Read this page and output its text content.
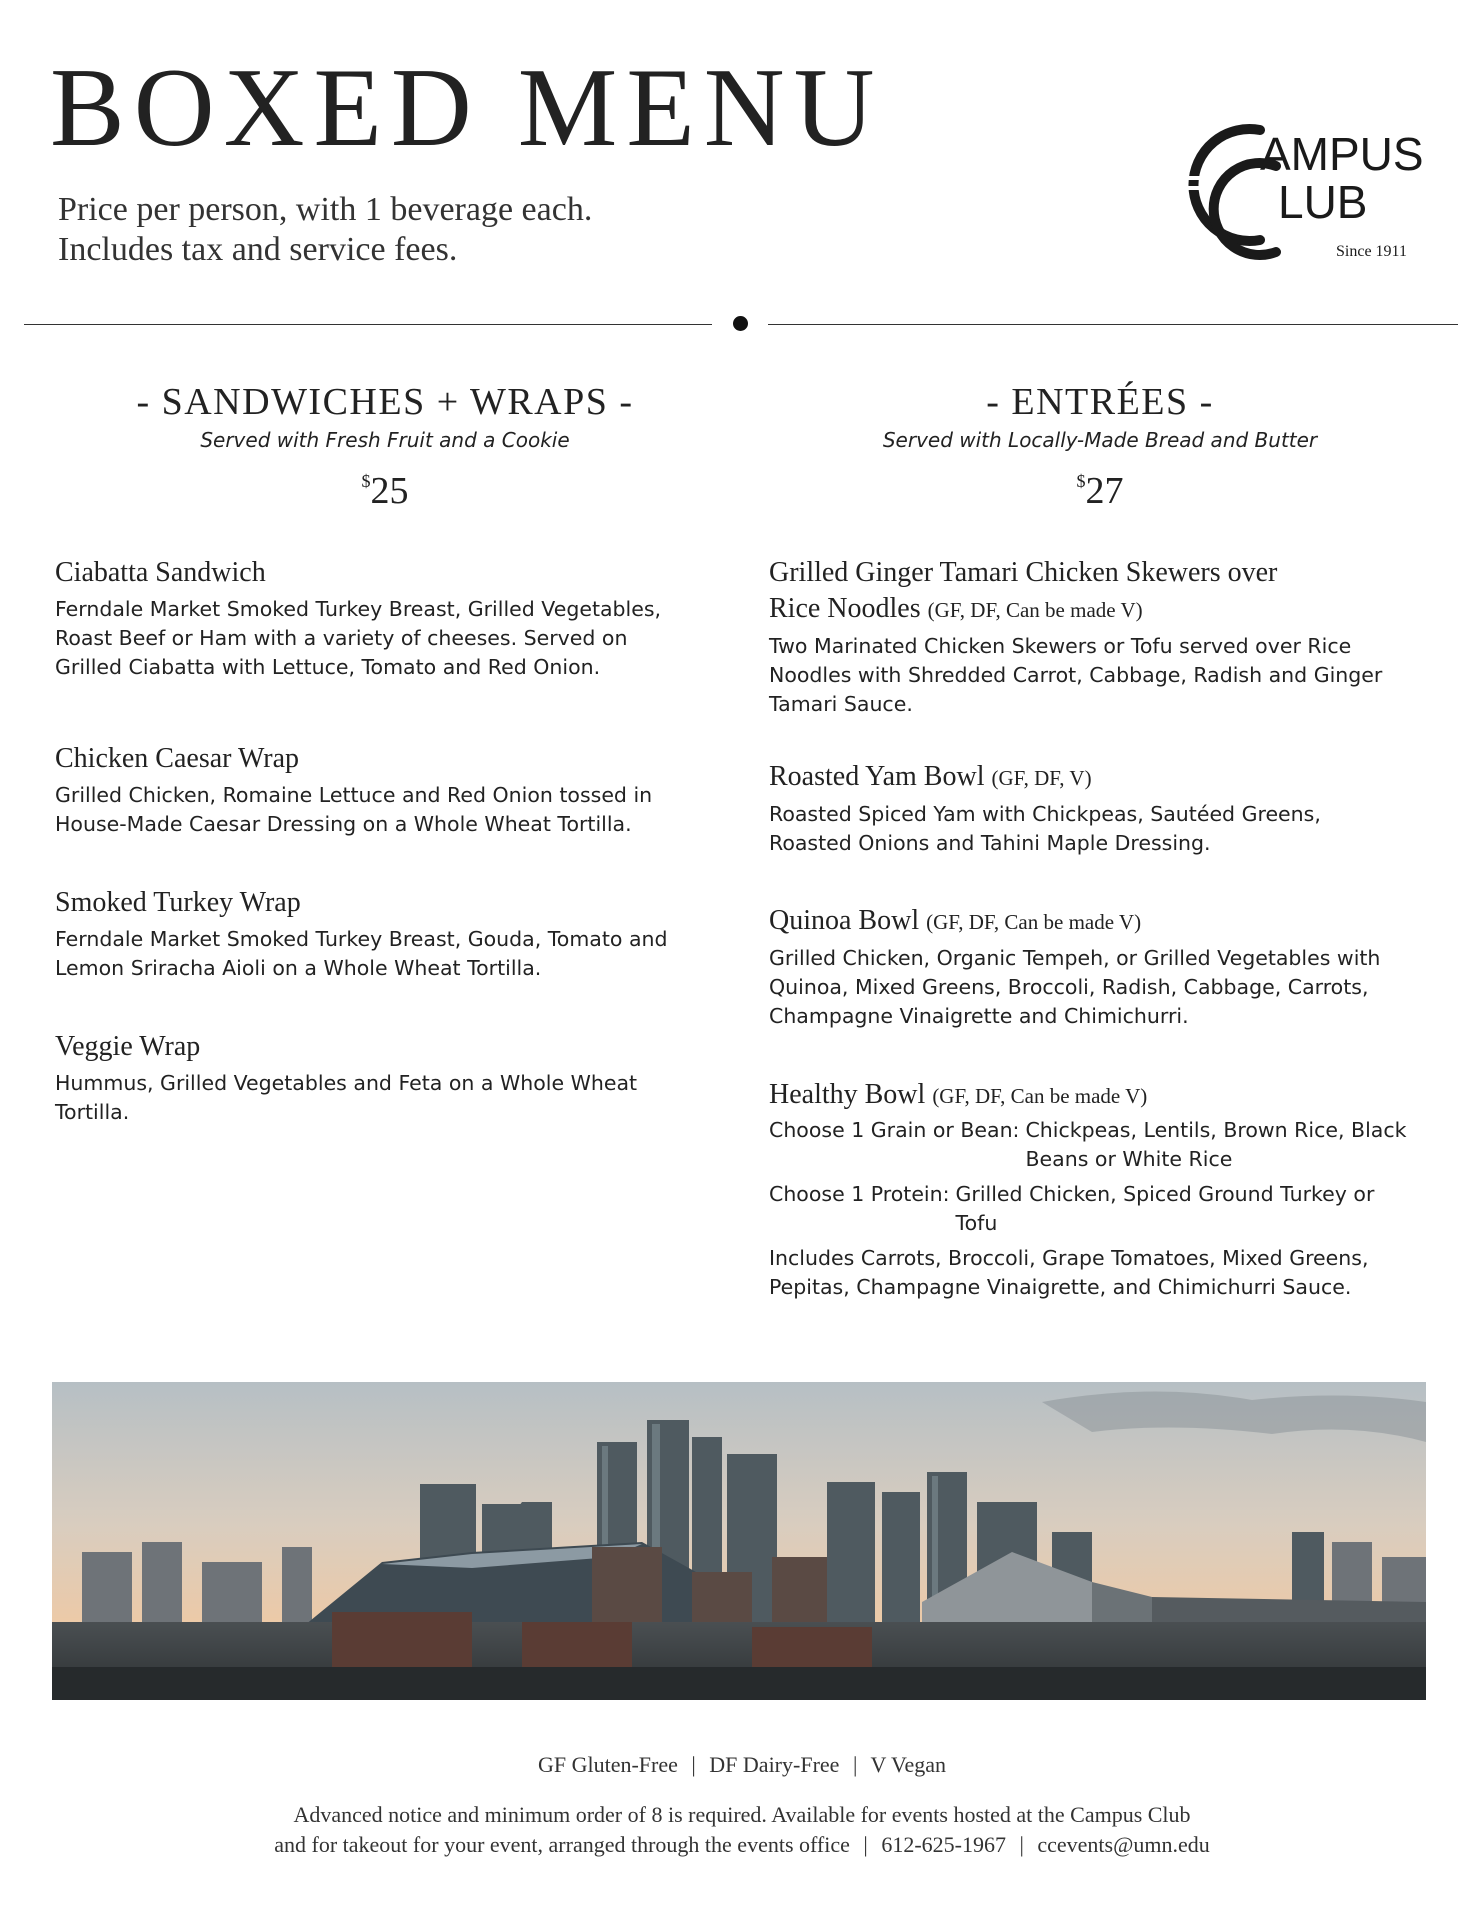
BOXED MENU
Price per person, with 1 beverage each.
Includes tax and service fees.
AMPUS
LUB
Since 1911
- SANDWICHES + WRAPS -
Served with Fresh Fruit and a Cookie
$25
- ENTRÉES -
Served with Locally-Made Bread and Butter
$27
Ciabatta Sandwich
Ferndale Market Smoked Turkey Breast, Grilled Vegetables, Roast Beef or Ham with a variety of cheeses. Served on Grilled Ciabatta with Lettuce, Tomato and Red Onion.
Chicken Caesar Wrap
Grilled Chicken, Romaine Lettuce and Red Onion tossed in House-Made Caesar Dressing on a Whole Wheat Tortilla.
Smoked Turkey Wrap
Ferndale Market Smoked Turkey Breast, Gouda, Tomato and Lemon Sriracha Aioli on a Whole Wheat Tortilla.
Veggie Wrap
Hummus, Grilled Vegetables and Feta on a Whole Wheat Tortilla.
Grilled Ginger Tamari Chicken Skewers over Rice Noodles (GF, DF, Can be made V)
Two Marinated Chicken Skewers or Tofu served over Rice Noodles with Shredded Carrot, Cabbage, Radish and Ginger Tamari Sauce.
Roasted Yam Bowl (GF, DF, V)
Roasted Spiced Yam with Chickpeas, Sautéed Greens, Roasted Onions and Tahini Maple Dressing.
Quinoa Bowl (GF, DF, Can be made V)
Grilled Chicken, Organic Tempeh, or Grilled Vegetables with Quinoa, Mixed Greens, Broccoli, Radish, Cabbage, Carrots, Champagne Vinaigrette and Chimichurri.
Healthy Bowl (GF, DF, Can be made V)
Choose 1 Grain or Bean: Chickpeas, Lentils, Brown Rice, Black Beans or White Rice
Choose 1 Protein: Grilled Chicken, Spiced Ground Turkey or Tofu
Includes Carrots, Broccoli, Grape Tomatoes, Mixed Greens, Pepitas, Champagne Vinaigrette, and Chimichurri Sauce.
GF Gluten-Free | DF Dairy-Free | V Vegan
Advanced notice and minimum order of 8 is required. Available for events hosted at the Campus Club
and for takeout for your event, arranged through the events office | 612-625-1967 | ccevents@umn.edu
